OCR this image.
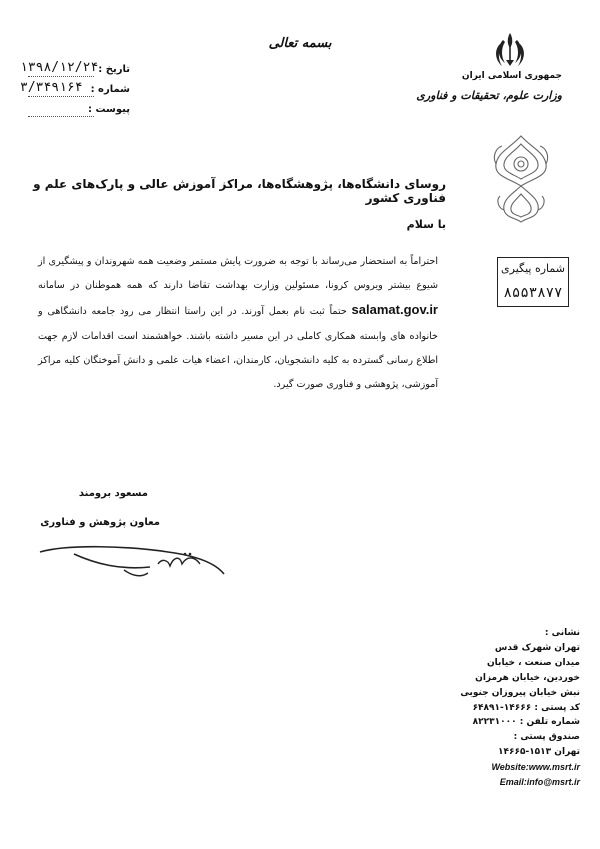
بسمه تعالی
تاریخ :
۱۳۹۸/۱۲/۲۴
شماره :
۳/۳۴۹۱۶۴
پیوست :
جمهوری اسلامی ایران
وزارت علوم، تحقیقات و فناوری
روسای دانشگاه‌ها، پژوهشگاه‌ها، مراکز آموزش عالی و پارک‌های علم و فناوری کشور
با سلام
احتراماً به استحضار می‌رساند با توجه به ضرورت پایش مستمر وضعیت همه شهروندان و پیشگیری از شیوع بیشتر ویروس کرونا، مسئولین وزارت بهداشت تقاضا دارند که همه هموطنان در سامانه salamat.gov.ir حتماً ثبت نام بعمل آورند. در این راستا انتظار می رود جامعه دانشگاهی و خانواده های وابسته همکاری کاملی در این مسیر داشته باشند. خواهشمند است اقدامات لازم جهت اطلاع رسانی گسترده به کلیه دانشجویان، کارمندان، اعضاء هیات علمی و دانش آموختگان کلیه مراکز آموزشی، پژوهشی و فناوری صورت گیرد.
شماره پیگیری
۸۵۵۳۸۷۷
مسعود برومند
معاون پژوهش و فناوری
نشانی :
تهران شهرک قدس
میدان صنعت ، خیابان
خوردین، خیابان هرمزان
نبش خیابان پیروزان جنوبی
کد پستی : ۱۴۶۶۶-۶۴۸۹۱
شماره تلفن : ۸۲۲۳۱۰۰۰
صندوق پستی :
تهران ۱۵۱۳-۱۴۶۶۵
Website:www.msrt.ir
Email:info@msrt.ir
